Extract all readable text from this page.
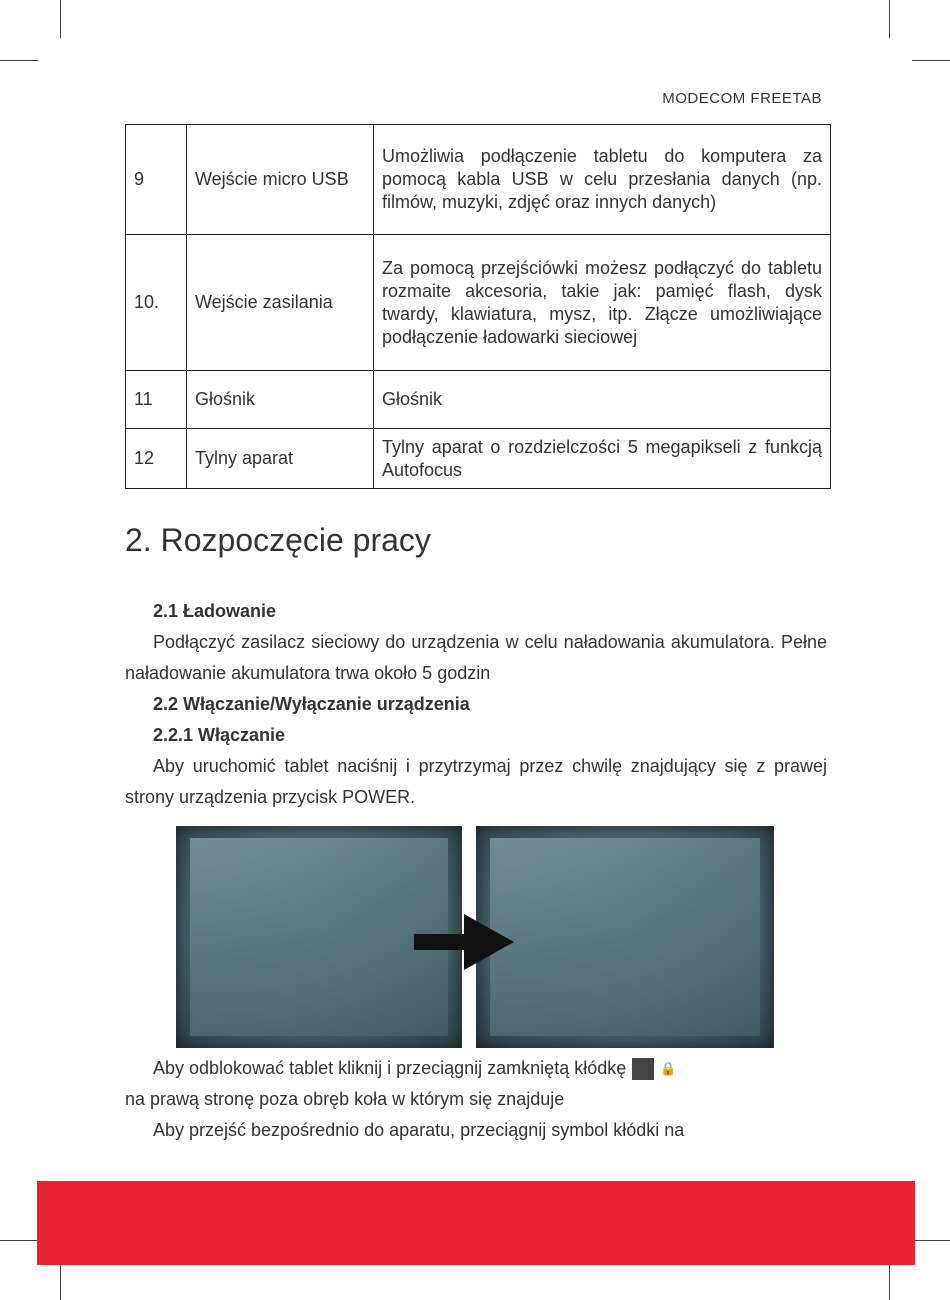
MODECOM FREETAB
9	Wejście micro USB	Umożliwia podłączenie tabletu do komputera za pomocą kabla USB w celu przesłania danych (np. filmów, muzyki, zdjęć oraz innych danych)
10.	Wejście zasilania	Za pomocą przejściówki możesz podłączyć do tabletu rozmaite akcesoria, takie jak: pamięć flash, dysk twardy, klawiatura, mysz, itp. Złącze umożliwiające podłączenie ładowarki sieciowej
11	Głośnik	Głośnik
12	Tylny aparat	Tylny aparat o rozdzielczości 5 megapikseli z funkcją Autofocus
2. Rozpoczęcie pracy
2.1 Ładowanie

Podłączyć zasilacz sieciowy do urządzenia w celu naładowania akumulatora. Pełne naładowanie akumulatora trwa około 5 godzin

2.2 Włączanie/Wyłączanie urządzenia
2.2.1 Włączanie

Aby uruchomić tablet naciśnij i przytrzymaj przez chwilę znajdujący się z prawej strony urządzenia przycisk POWER.

Aby odblokować tablet kliknij i przeciągnij zamkniętą kłódkę	🔒

na prawą stronę poza obręb koła w którym się znajduje

Aby przejść bezpośrednio do aparatu, przeciągnij symbol kłódki na
